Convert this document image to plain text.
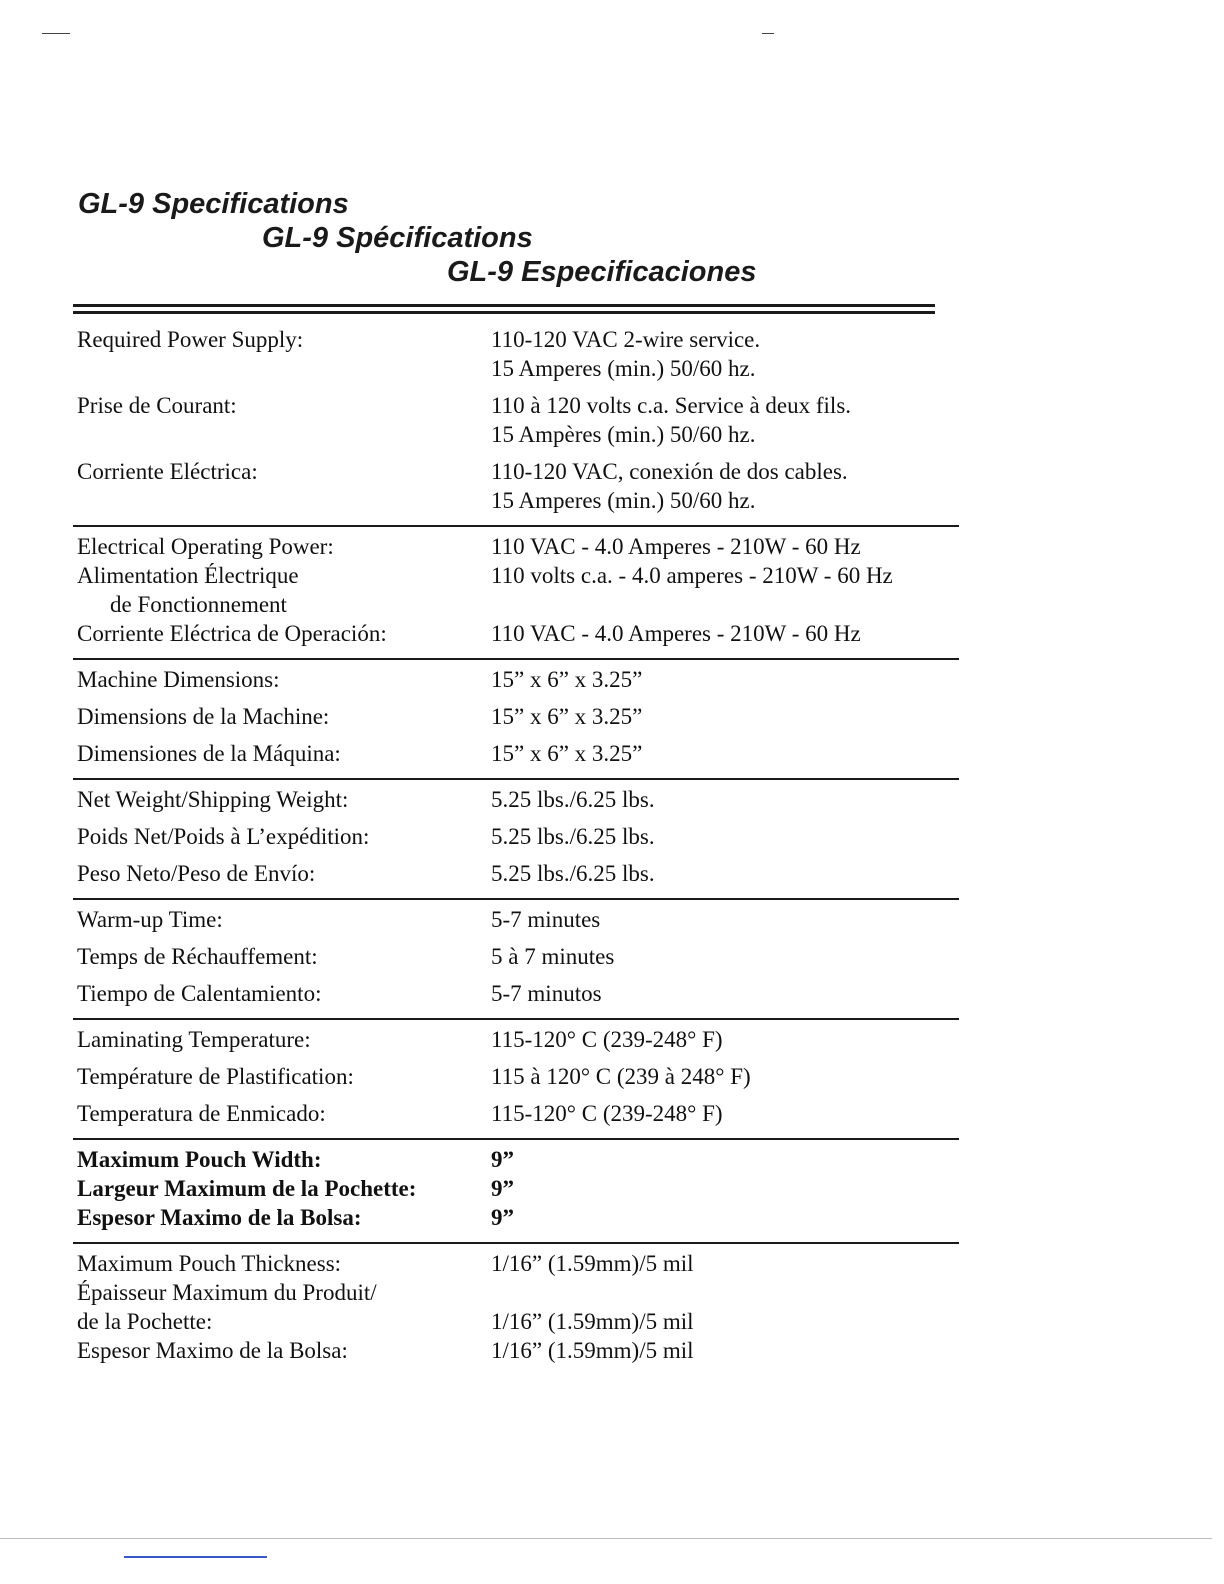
GL-9 Specifications
GL-9 Spécifications
GL-9 Especificaciones
Required Power Supply:
Prise de Courant:
Corriente Eléctrica:
110-120 VAC 2-wire service.
15 Amperes (min.) 50/60 hz.
110 à 120 volts c.a. Service à deux fils.
15 Ampères (min.) 50/60 hz.
110-120 VAC, conexión de dos cables.
15 Amperes (min.) 50/60 hz.
Electrical Operating Power:
Alimentation Électrique
de Fonctionnement
Corriente Eléctrica de Operación:
110 VAC - 4.0 Amperes - 210W - 60 Hz
110 volts c.a. - 4.0 amperes - 210W - 60 Hz
110 VAC - 4.0 Amperes - 210W - 60 Hz
Machine Dimensions:
Dimensions de la Machine:
Dimensiones de la Máquina:
15” x 6” x 3.25”
15” x 6” x 3.25”
15” x 6” x 3.25”
Net Weight/Shipping Weight:
Poids Net/Poids à L’expédition:
Peso Neto/Peso de Envío:
5.25 lbs./6.25 lbs.
5.25 lbs./6.25 lbs.
5.25 lbs./6.25 lbs.
Warm-up Time:
Temps de Réchauffement:
Tiempo de Calentamiento:
5-7 minutes
5 à 7 minutes
5-7 minutos
Laminating Temperature:
Température de Plastification:
Temperatura de Enmicado:
115-120° C (239-248° F)
115 à 120° C (239 à 248° F)
115-120° C (239-248° F)
Maximum Pouch Width:
Largeur Maximum de la Pochette:
Espesor Maximo de la Bolsa:
9”
9”
9”
Maximum Pouch Thickness:
Épaisseur Maximum du Produit/
de la Pochette:
Espesor Maximo de la Bolsa:
1/16” (1.59mm)/5 mil
1/16” (1.59mm)/5 mil
1/16” (1.59mm)/5 mil
